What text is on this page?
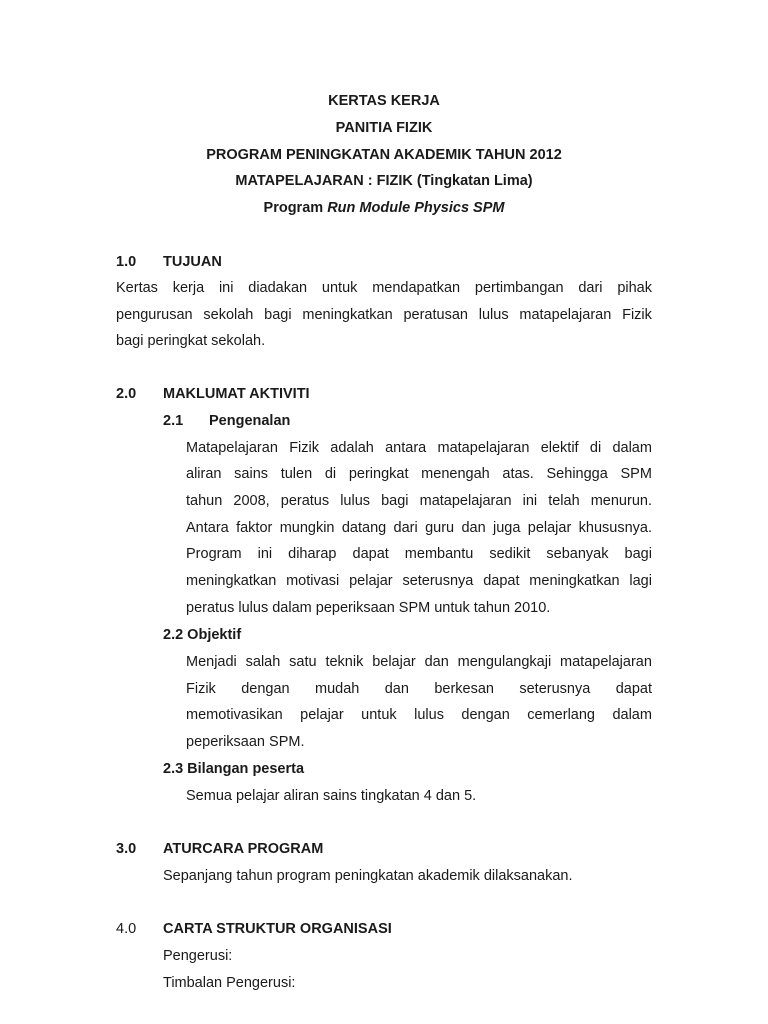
KERTAS KERJA
PANITIA FIZIK
PROGRAM PENINGKATAN AKADEMIK TAHUN 2012
MATAPELAJARAN : FIZIK (Tingkatan Lima)
Program Run Module Physics SPM
1.0 TUJUAN
Kertas kerja ini diadakan untuk mendapatkan pertimbangan dari pihak
pengurusan sekolah bagi meningkatkan peratusan lulus matapelajaran Fizik
bagi peringkat sekolah.
2.0 MAKLUMAT AKTIVITI
2.1 Pengenalan
Matapelajaran Fizik adalah antara matapelajaran elektif di dalam
aliran sains tulen di peringkat menengah atas. Sehingga SPM
tahun 2008, peratus lulus bagi matapelajaran ini telah menurun.
Antara faktor mungkin datang dari guru dan juga pelajar khususnya.
Program ini diharap dapat membantu sedikit sebanyak bagi
meningkatkan motivasi pelajar seterusnya dapat meningkatkan lagi
peratus lulus dalam peperiksaan SPM untuk tahun 2010.
2.2 Objektif
Menjadi salah satu teknik belajar dan mengulangkaji matapelajaran
Fizik dengan mudah dan berkesan seterusnya dapat
memotivasikan pelajar untuk lulus dengan cemerlang dalam
peperiksaan SPM.
2.3 Bilangan peserta
Semua pelajar aliran sains tingkatan 4 dan 5.
3.0 ATURCARA PROGRAM
Sepanjang tahun program peningkatan akademik dilaksanakan.
4.0 CARTA STRUKTUR ORGANISASI
Pengerusi:
Timbalan Pengerusi:
